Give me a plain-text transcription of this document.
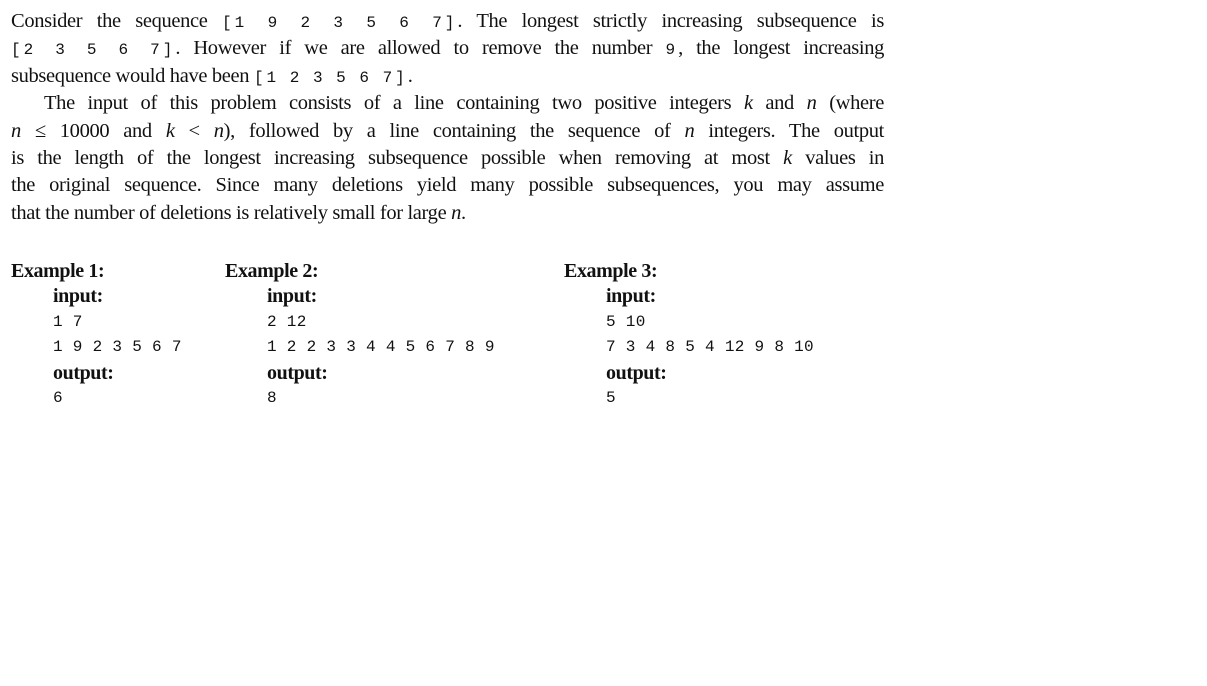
Consider the sequence [1 9 2 3 5 6 7]. The longest strictly increasing subsequence is
[2 3 5 6 7]. However if we are allowed to remove the number 9, the longest increasing
subsequence would have been [1 2 3 5 6 7].
The input of this problem consists of a line containing two positive integers k and n (where
n ≤ 10000 and k < n), followed by a line containing the sequence of n integers. The output
is the length of the longest increasing subsequence possible when removing at most k values in
the original sequence. Since many deletions yield many possible subsequences, you may assume
that the number of deletions is relatively small for large n.
Example 1:
input:
1 7
1 9 2 3 5 6 7
output:
6
Example 2:
input:
2 12
1 2 2 3 3 4 4 5 6 7 8 9
output:
8
Example 3:
input:
5 10
7 3 4 8 5 4 12 9 8 10
output:
5
